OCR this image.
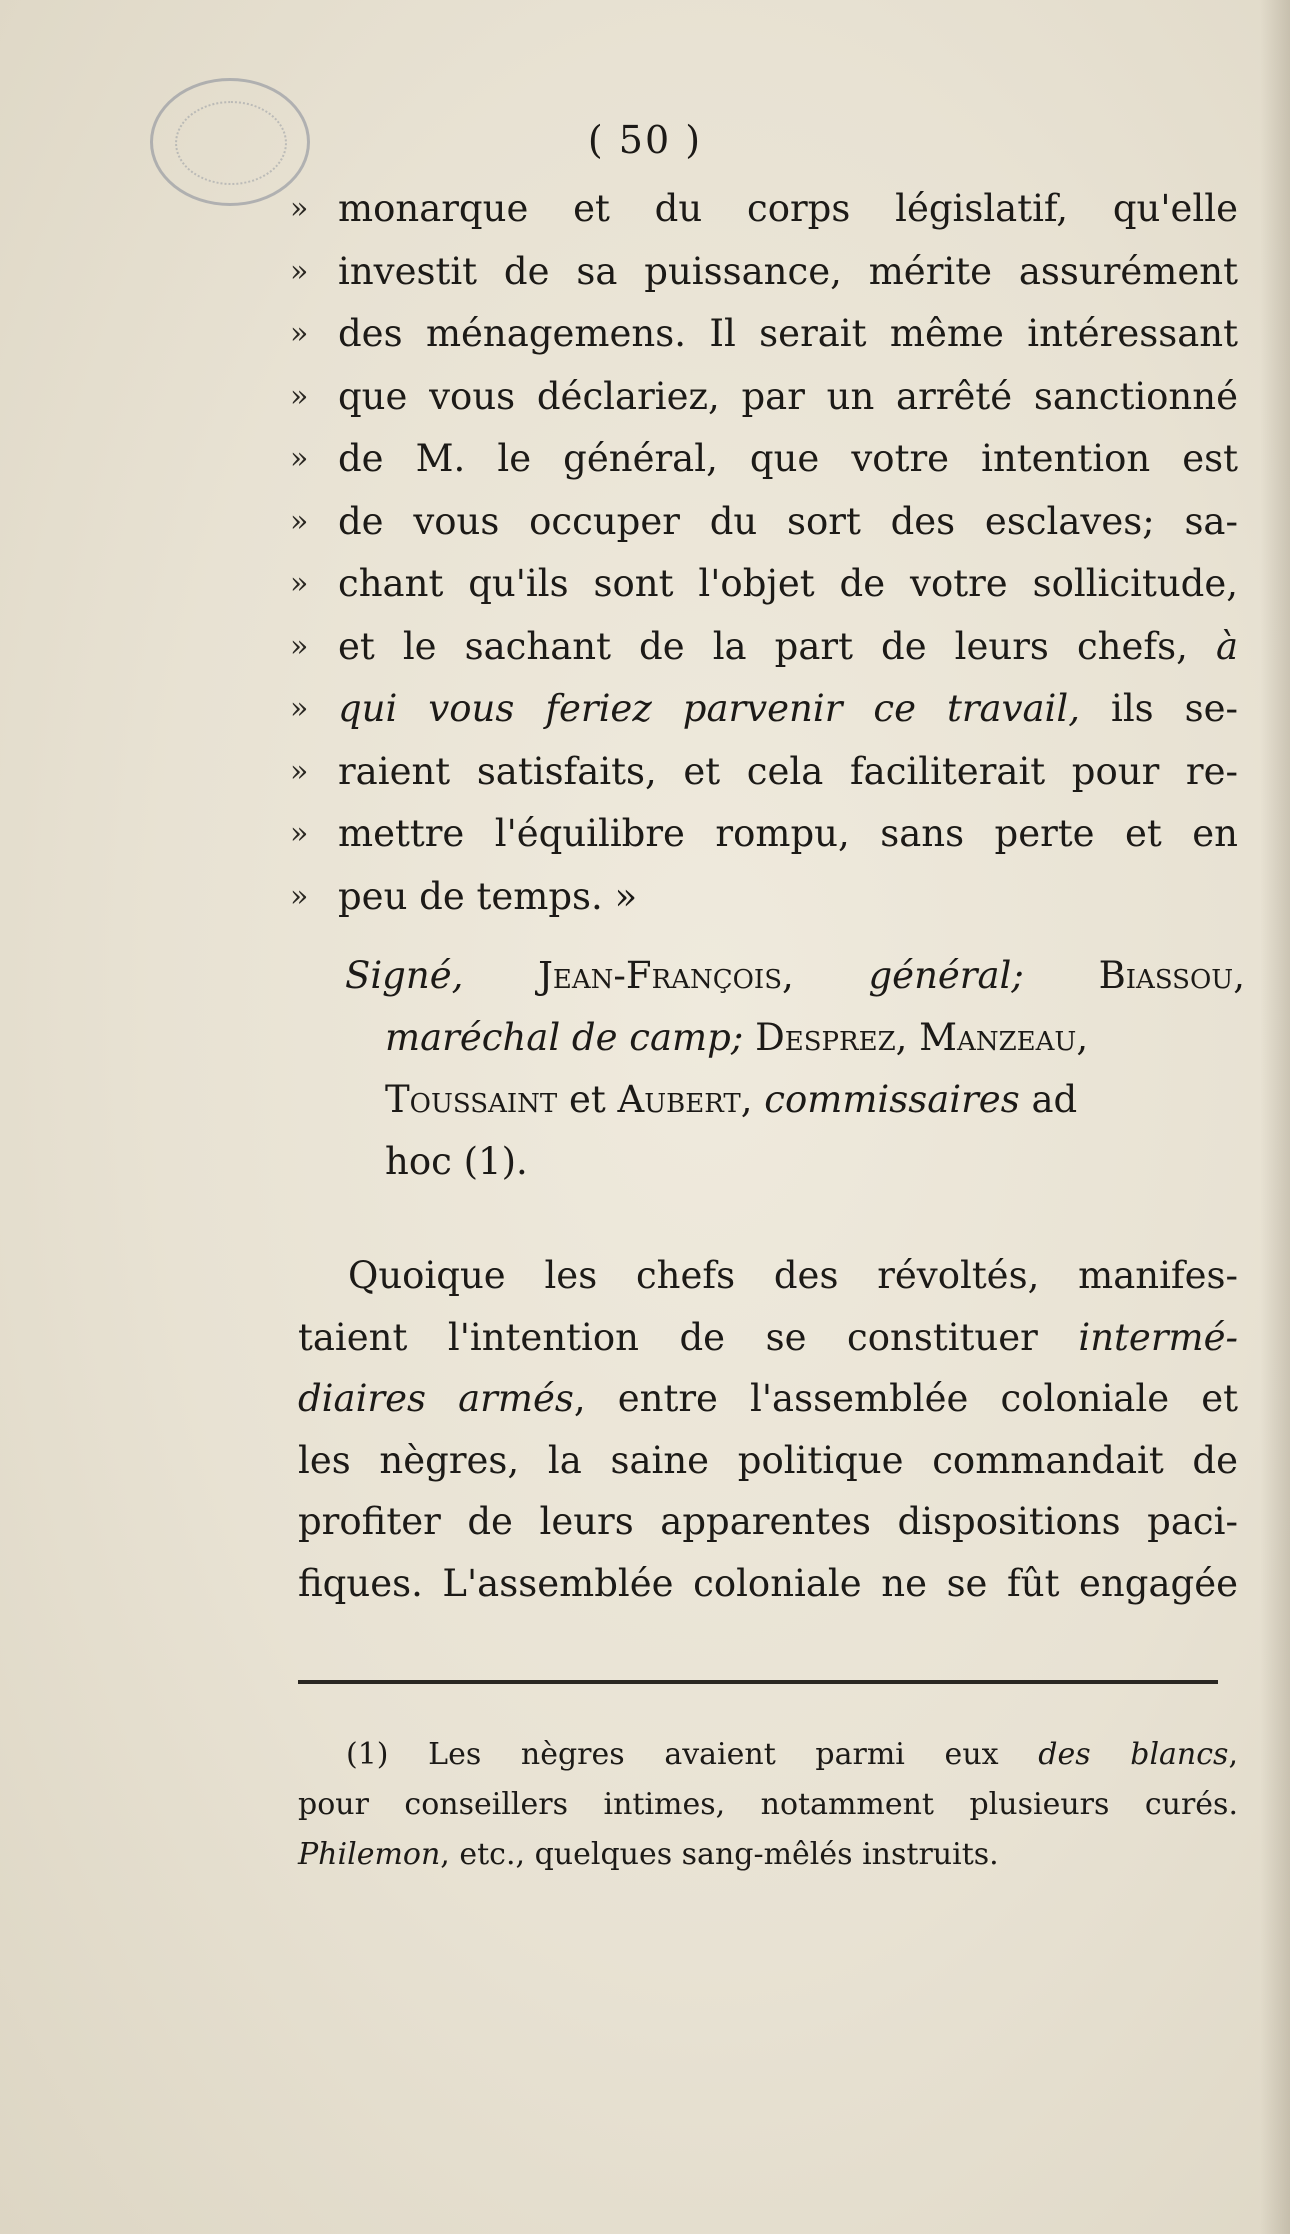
( 50 )
» monarque et du corps législatif, qu'elle
» investit de sa puissance, mérite assurément
» des ménagemens. Il serait même intéressant
» que vous déclariez, par un arrêté sanctionné
» de M. le général, que votre intention est
» de vous occuper du sort des esclaves; sa-
» chant qu'ils sont l'objet de votre sollicitude,
» et le sachant de la part de leurs chefs, à
» qui vous feriez parvenir ce travail, ils se-
» raient satisfaits, et cela faciliterait pour re-
» mettre l'équilibre rompu, sans perte et en
» peu de temps. »
Signé, Jean-François, général; Biassou,
maréchal de camp; Desprez, Manzeau,
Toussaint et Aubert, commissaires ad
hoc (1).
Quoique les chefs des révoltés, manifes-
taient l'intention de se constituer intermé-
diaires armés, entre l'assemblée coloniale et
les nègres, la saine politique commandait de
profiter de leurs apparentes dispositions paci-
fiques. L'assemblée coloniale ne se fût engagée
(1) Les nègres avaient parmi eux des blancs,
pour conseillers intimes, notamment plusieurs curés.
Philemon, etc., quelques sang-mêlés instruits.
